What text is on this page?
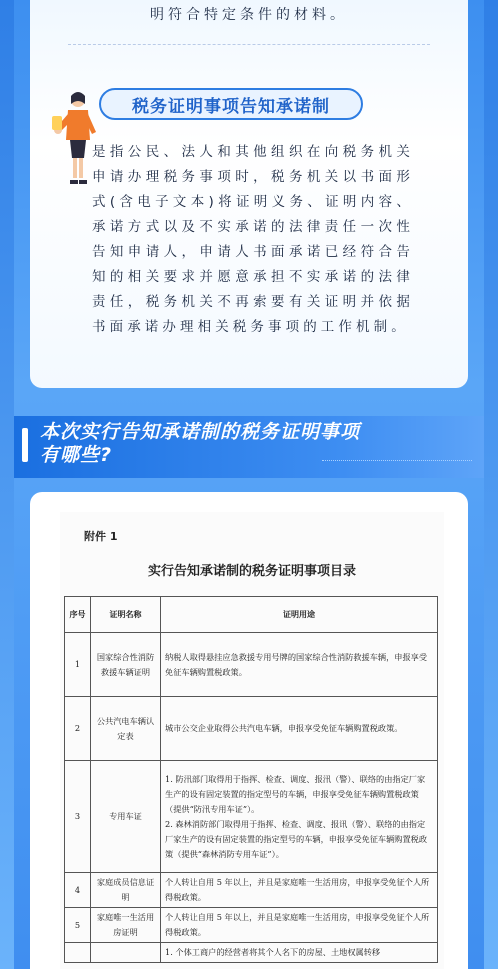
明符合特定条件的材料。
税务证明事项告知承诺制
是指公民、法人和其他组织在向税务机关申请办理税务事项时，税务机关以书面形式(含电子文本)将证明义务、证明内容、承诺方式以及不实承诺的法律责任一次性告知申请人，申请人书面承诺已经符合告知的相关要求并愿意承担不实承诺的法律责任，税务机关不再索要有关证明并依据书面承诺办理相关税务事项的工作机制。
本次实行告知承诺制的税务证明事项
有哪些?
附件 1
实行告知承诺制的税务证明事项目录
序号	证明名称	证明用途
1	国家综合性消防救援车辆证明	纳税人取得悬挂应急救援专用号牌的国家综合性消防救援车辆，申报享受免征车辆购置税政策。
2	公共汽电车辆认定表	城市公交企业取得公共汽电车辆，申报享受免征车辆购置税政策。
3	专用车证	1. 防汛部门取得用于指挥、检查、调度、报汛（警）、联络的由指定厂家生产的设有固定装置的指定型号的车辆，申报享受免征车辆购置税政策（提供“防汛专用车证”）。
2. 森林消防部门取得用于指挥、检查、调度、报讯（警）、联络的由指定厂家生产的设有固定装置的指定型号的车辆，申报享受免征车辆购置税政策（提供“森林消防专用车证”）。
4	家庭成员信息证明	个人转让自用 5 年以上，并且是家庭唯一生活用房，申报享受免征个人所得税政策。
5	家庭唯一生活用房证明	个人转让自用 5 年以上，并且是家庭唯一生活用房，申报享受免征个人所得税政策。
		1. 个体工商户的经营者将其个人名下的房屋、土地权属转移
